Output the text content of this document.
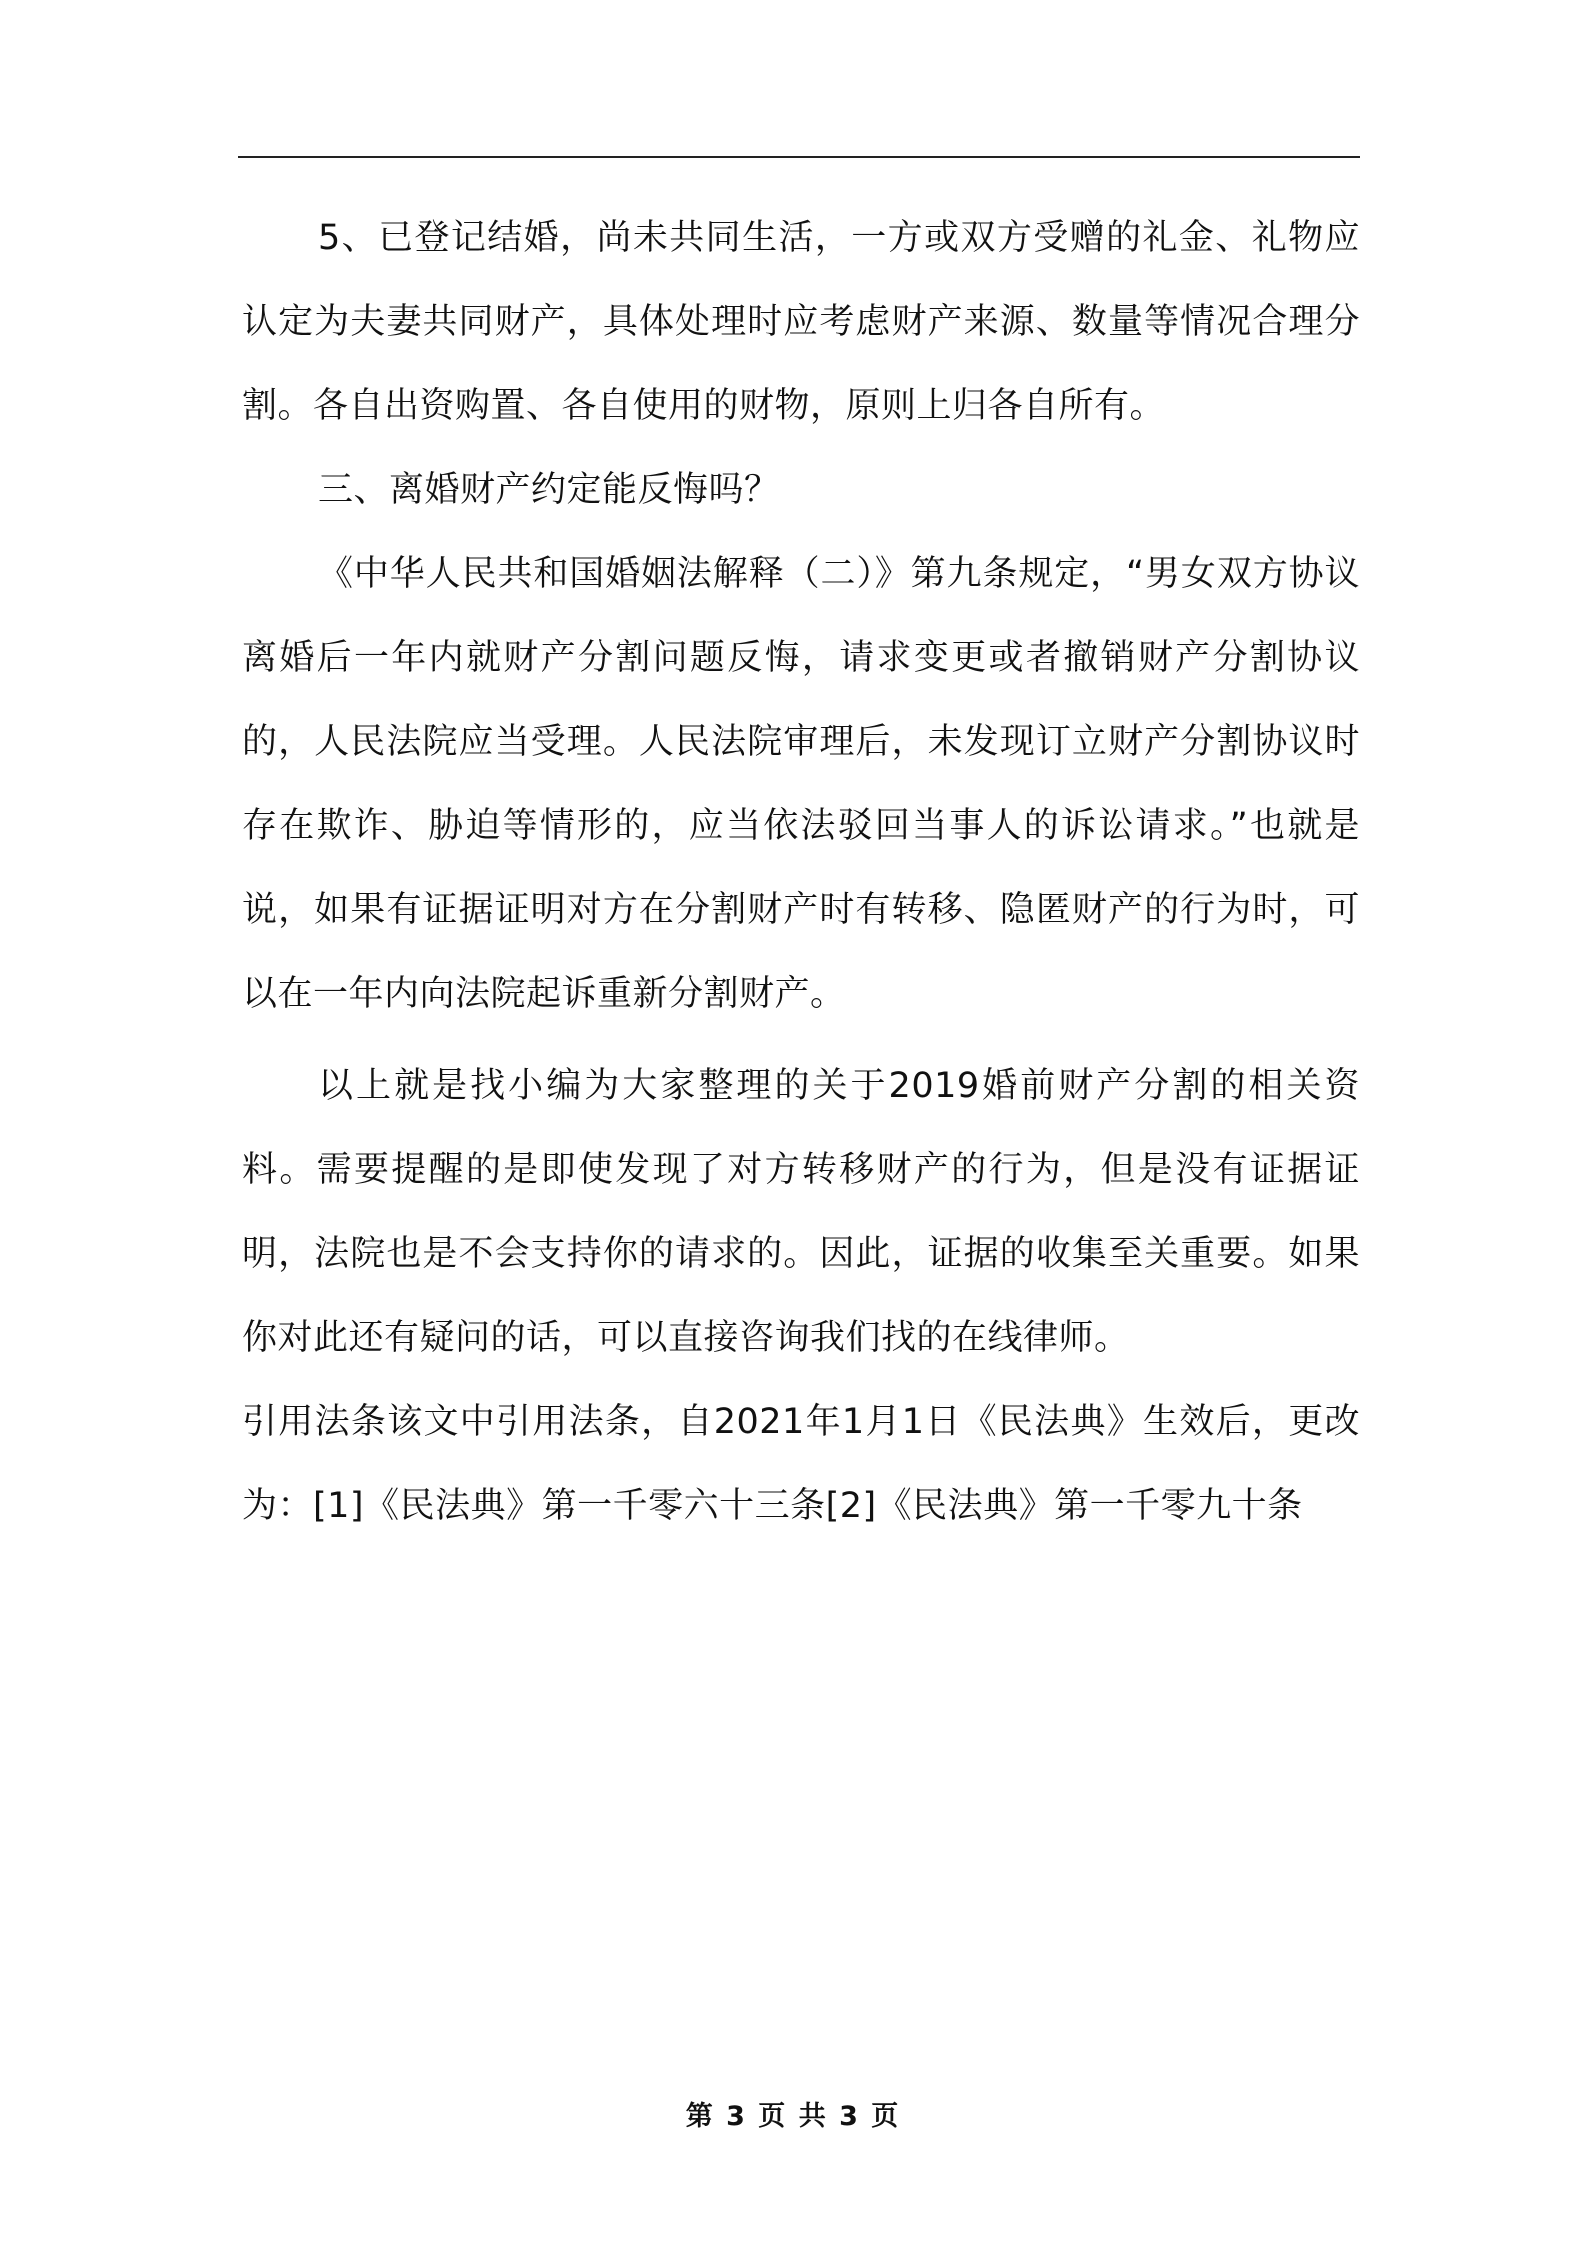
5、已登记结婚，尚未共同生活，一方或双方受赠的礼金、礼物应认定为夫妻共同财产，具体处理时应考虑财产来源、数量等情况合理分割。各自出资购置、各自使用的财物，原则上归各自所有。

三、离婚财产约定能反悔吗？

《中华人民共和国婚姻法解释（二）》第九条规定，“男女双方协议离婚后一年内就财产分割问题反悔，请求变更或者撤销财产分割协议的，人民法院应当受理。人民法院审理后，未发现订立财产分割协议时存在欺诈、胁迫等情形的，应当依法驳回当事人的诉讼请求。”也就是说，如果有证据证明对方在分割财产时有转移、隐匿财产的行为时，可以在一年内向法院起诉重新分割财产。

以上就是找小编为大家整理的关于2019婚前财产分割的相关资料。需要提醒的是即使发现了对方转移财产的行为，但是没有证据证明，法院也是不会支持你的请求的。因此，证据的收集至关重要。如果你对此还有疑问的话，可以直接咨询我们找的在线律师。

引用法条该文中引用法条，自2021年1月1日《民法典》生效后，更改为：[1]《民法典》第一千零六十三条[2]《民法典》第一千零九十条

第 3 页 共 3 页
